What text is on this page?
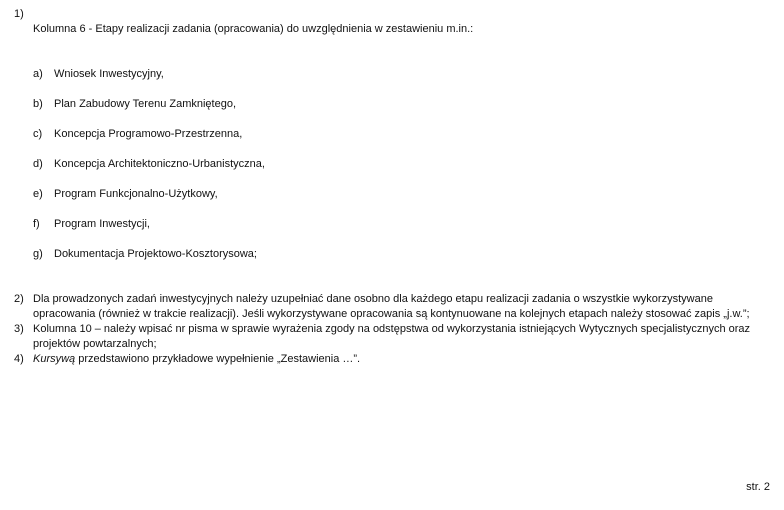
1)

Kolumna 6 - Etapy realizacji zadania (opracowania) do uwzględnienia w zestawieniu m.in.:

a)	Wniosek Inwestycyjny,

b)	Plan Zabudowy Terenu Zamkniętego,

c)	Koncepcja Programowo-Przestrzenna,

d)	Koncepcja Architektoniczno-Urbanistyczna,

e)	Program Funkcjonalno-Użytkowy,

f)	Program Inwestycji,

g)	Dokumentacja Projektowo-Kosztorysowa;

2) Dla prowadzonych zadań inwestycyjnych należy uzupełniać dane osobno dla każdego etapu realizacji zadania o wszystkie wykorzystywane
opracowania (również w trakcie realizacji). Jeśli wykorzystywane opracowania są kontynuowane na kolejnych etapach należy stosować zapis „j.w.”;
3) Kolumna 10 – należy wpisać nr pisma w sprawie wyrażenia zgody na odstępstwa od wykorzystania istniejących Wytycznych specjalistycznych oraz
projektów powtarzalnych;
4) Kursywą przedstawiono przykładowe wypełnienie „Zestawienia …”.
str. 2
